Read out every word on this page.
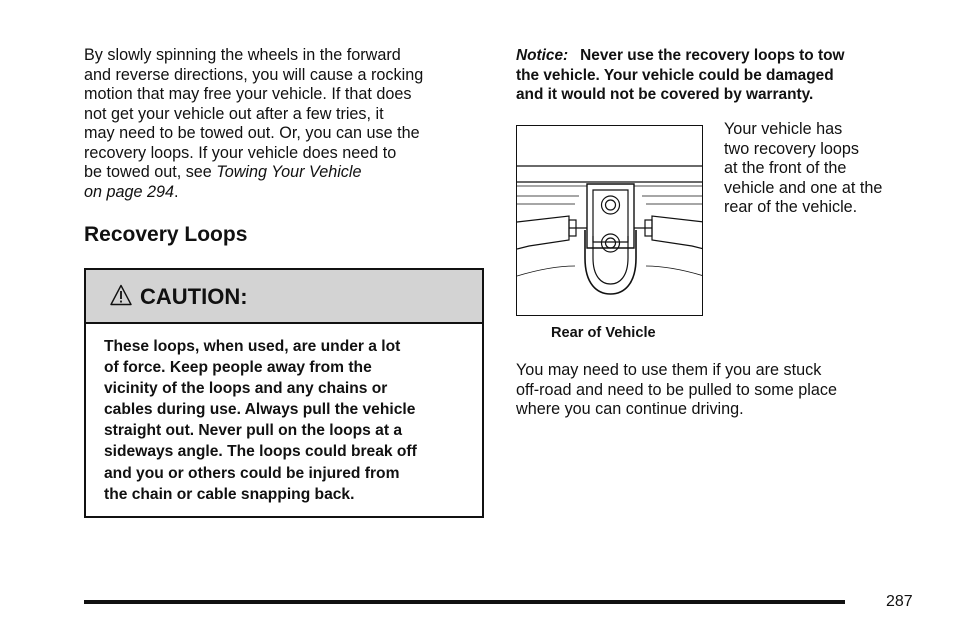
By slowly spinning the wheels in the forward
and reverse directions, you will cause a rocking
motion that may free your vehicle. If that does
not get your vehicle out after a few tries, it
may need to be towed out. Or, you can use the
recovery loops. If your vehicle does need to
be towed out, see Towing Your Vehicle
on page 294.

Recovery Loops
CAUTION:
These loops, when used, are under a lot
of force. Keep people away from the
vicinity of the loops and any chains or
cables during use. Always pull the vehicle
straight out. Never pull on the loops at a
sideways angle. The loops could break off
and you or others could be injured from
the chain or cable snapping back.

Notice: Never use the recovery loops to tow
the vehicle. Your vehicle could be damaged
and it would not be covered by warranty.

Rear of Vehicle

Your vehicle has
two recovery loops
at the front of the
vehicle and one at the
rear of the vehicle.

You may need to use them if you are stuck
off-road and need to be pulled to some place
where you can continue driving.

287
